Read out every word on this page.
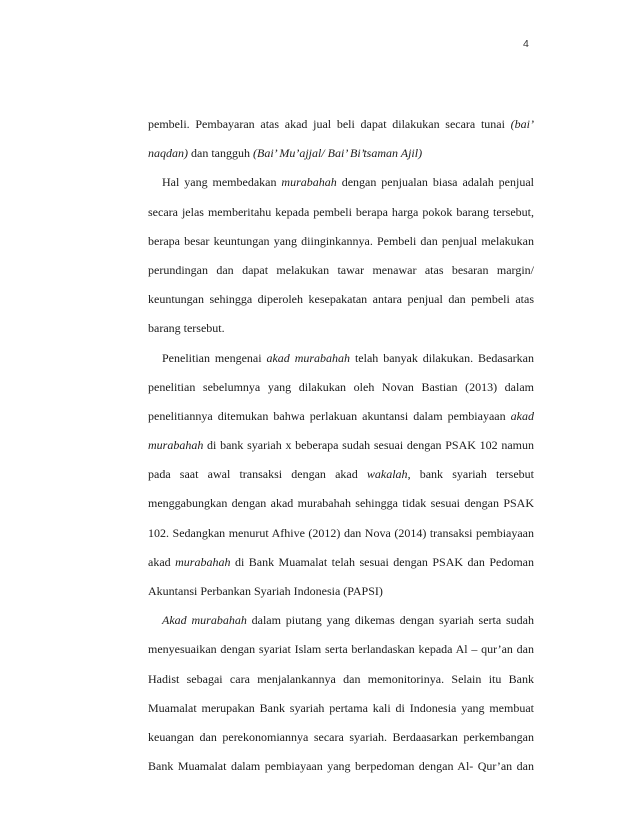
4
pembeli. Pembayaran atas akad jual beli dapat dilakukan secara tunai (bai’
naqdan) dan tangguh (Bai’ Mu’ajjal/ Bai’ Bi’tsaman Ajil)
Hal yang membedakan murabahah dengan penjualan biasa adalah penjual
secara jelas memberitahu kepada pembeli berapa harga pokok barang tersebut,
berapa besar keuntungan yang diinginkannya. Pembeli dan penjual melakukan
perundingan dan dapat melakukan tawar menawar atas besaran margin/
keuntungan sehingga diperoleh kesepakatan antara penjual dan pembeli atas
barang tersebut.
Penelitian mengenai akad murabahah telah banyak dilakukan. Bedasarkan
penelitian sebelumnya yang dilakukan oleh Novan Bastian (2013) dalam
penelitiannya ditemukan bahwa perlakuan akuntansi dalam pembiayaan akad
murabahah di bank syariah x beberapa sudah sesuai dengan PSAK 102 namun
pada saat awal transaksi dengan akad wakalah, bank syariah tersebut
menggabungkan dengan akad murabahah sehingga tidak sesuai dengan PSAK
102. Sedangkan menurut Afhive (2012) dan Nova (2014) transaksi pembiayaan
akad murabahah di Bank Muamalat telah sesuai dengan PSAK dan Pedoman
Akuntansi Perbankan Syariah Indonesia (PAPSI)
Akad murabahah dalam piutang yang dikemas dengan syariah serta sudah
menyesuaikan dengan syariat Islam serta berlandaskan kepada Al – qur’an dan
Hadist sebagai cara menjalankannya dan memonitorinya. Selain itu Bank
Muamalat merupakan Bank syariah pertama kali di Indonesia yang membuat
keuangan dan perekonomiannya secara syariah. Berdaasarkan perkembangan
Bank Muamalat dalam pembiayaan yang berpedoman dengan Al- Qur’an dan
